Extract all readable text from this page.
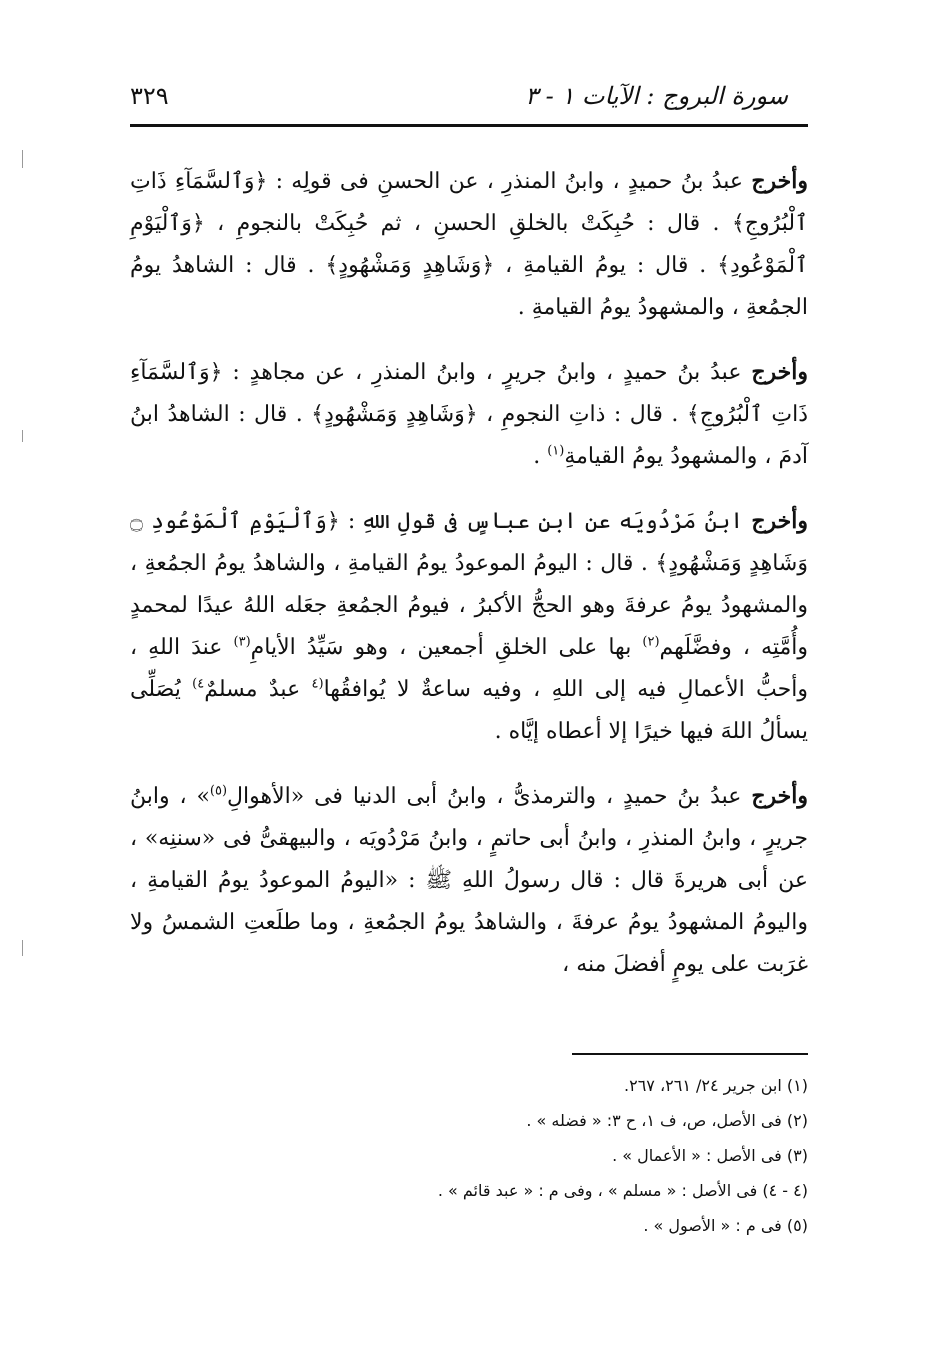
سورة البروج : الآيات ١ - ٣
٣٢٩

وأخرج عبدُ بنُ حميدٍ ، وابنُ المنذرِ ، عن الحسنِ فى قولِه : ﴿وَٱلسَّمَآءِ ذَاتِ ٱلْبُرُوجِ﴾ . قال : حُبِكَتْ بالخلقِ الحسنِ ، ثم حُبِكَتْ بالنجومِ ، ﴿وَٱلْيَوْمِ ٱلْمَوْعُودِ﴾ . قال : يومُ القيامةِ ، ﴿وَشَاهِدٍ وَمَشْهُودٍ﴾ . قال : الشاهدُ يومُ الجمُعةِ ، والمشهودُ يومُ القيامةِ .

وأخرج عبدُ بنُ حميدٍ ، وابنُ جريرٍ ، وابنُ المنذرِ ، عن مجاهدٍ : ﴿وَٱلسَّمَآءِ ذَاتِ ٱلْبُرُوجِ﴾ . قال : ذاتِ النجومِ ، ﴿وَشَاهِدٍ وَمَشْهُودٍ﴾ . قال : الشاهدُ ابنُ آدمَ ، والمشهودُ يومُ القيامةِ$^{(١)}$ .

وأخرج ابنُ مَرْدُويَه عن ابنِ عباسٍ فى قولِ اللهِ : ﴿وَٱلْيَوْمِ ٱلْمَوْعُودِ ۝ وَشَاهِدٍ وَمَشْهُودٍ﴾ . قال : اليومُ الموعودُ يومُ القيامةِ ، والشاهدُ يومُ الجمُعةِ ، والمشهودُ يومُ عرفةَ وهو الحجُّ الأكبرُ ، فيومُ الجمُعةِ جعَله اللهُ عيدًا لمحمدٍ وأُمَّتِه ، وفضَّلَهم$^{(٢)}$ بها على الخلقِ أجمعين ، وهو سَيِّدُ الأيامِ$^{(٣)}$ عندَ اللهِ ، وأحبُّ الأعمالِ فيه إلى اللهِ ، وفيه ساعةٌ لا يُوافقُها$^{(٤}$ عبدٌ مسلمٌ$^{٤)}$ يُصَلِّى يسألُ اللهَ فيها خيرًا إلا أعطاه إيَّاه .

وأخرج عبدُ بنُ حميدٍ ، والترمذىُّ ، وابنُ أبى الدنيا فى «الأهوالِ$^{(٥)}$» ، وابنُ جريرٍ ، وابنُ المنذرِ ، وابنُ أبى حاتمٍ ، وابنُ مَرْدُويَه ، والبيهقىُّ فى «سننِه» ، عن أبى هريرةَ قال : قال رسولُ اللهِ ﷺ : «اليومُ الموعودُ يومُ القيامةِ ، واليومُ المشهودُ يومُ عرفةَ ، والشاهدُ يومُ الجمُعةِ ، وما طلَعتِ الشمسُ ولا غرَبت على يومٍ أفضلَ منه ،

(١) ابن جرير ٢٤/ ٢٦١، ٢٦٧.
(٢) فى الأصل، ص، ف ١، ح ٣: « فضله » .
(٣) فى الأصل : « الأعمال » .
(٤ - ٤) فى الأصل : « مسلم » ، وفى م : « عبد قائم » .
(٥) فى م : « الأصول » .
